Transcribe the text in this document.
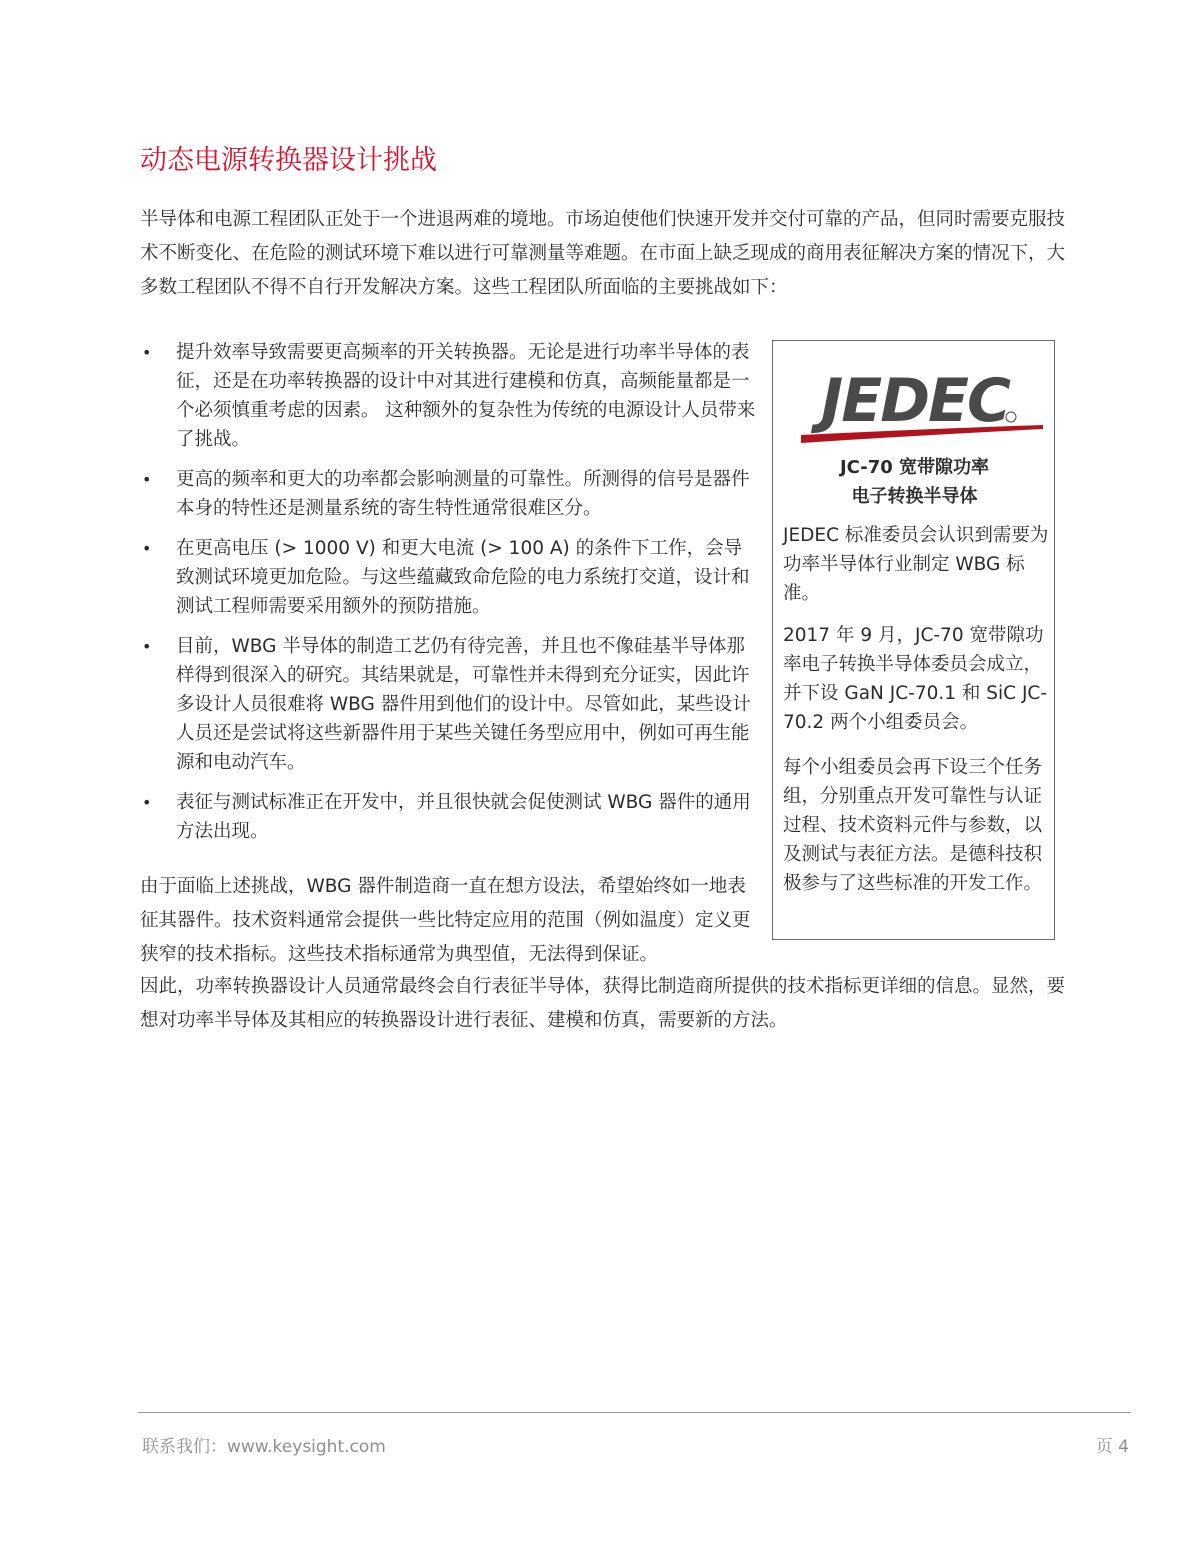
动态电源转换器设计挑战

半导体和电源工程团队正处于一个进退两难的境地。市场迫使他们快速开发并交付可靠的产品，但同时需要克服技术不断变化、在危险的测试环境下难以进行可靠测量等难题。在市面上缺乏现成的商用表征解决方案的情况下，大多数工程团队不得不自行开发解决方案。这些工程团队所面临的主要挑战如下：

• 提升效率导致需要更高频率的开关转换器。无论是进行功率半导体的表征，还是在功率转换器的设计中对其进行建模和仿真，高频能量都是一个必须慎重考虑的因素。 这种额外的复杂性为传统的电源设计人员带来了挑战。
• 更高的频率和更大的功率都会影响测量的可靠性。所测得的信号是器件本身的特性还是测量系统的寄生特性通常很难区分。
• 在更高电压 (> 1000 V) 和更大电流 (> 100 A) 的条件下工作，会导致测试环境更加危险。与这些蕴藏致命危险的电力系统打交道，设计和测试工程师需要采用额外的预防措施。
• 目前，WBG 半导体的制造工艺仍有待完善，并且也不像硅基半导体那样得到很深入的研究。其结果就是，可靠性并未得到充分证实，因此许多设计人员很难将 WBG 器件用到他们的设计中。尽管如此，某些设计人员还是尝试将这些新器件用于某些关键任务型应用中，例如可再生能源和电动汽车。
• 表征与测试标准正在开发中，并且很快就会促使测试 WBG 器件的通用方法出现。

由于面临上述挑战，WBG 器件制造商一直在想方设法，希望始终如一地表征其器件。技术资料通常会提供一些比特定应用的范围（例如温度）定义更狭窄的技术指标。这些技术指标通常为典型值，无法得到保证。

因此，功率转换器设计人员通常最终会自行表征半导体，获得比制造商所提供的技术指标更详细的信息。显然，要想对功率半导体及其相应的转换器设计进行表征、建模和仿真，需要新的方法。

JEDEC

JC-70 宽带隙功率
电子转换半导体

JEDEC 标准委员会认识到需要为功率半导体行业制定 WBG 标准。

2017 年 9 月，JC-70 宽带隙功率电子转换半导体委员会成立，并下设 GaN JC-70.1 和 SiC JC-70.2 两个小组委员会。

每个小组委员会再下设三个任务组，分别重点开发可靠性与认证过程、技术资料元件与参数，以及测试与表征方法。是德科技积极参与了这些标准的开发工作。

联系我们：www.keysight.com	页 4
